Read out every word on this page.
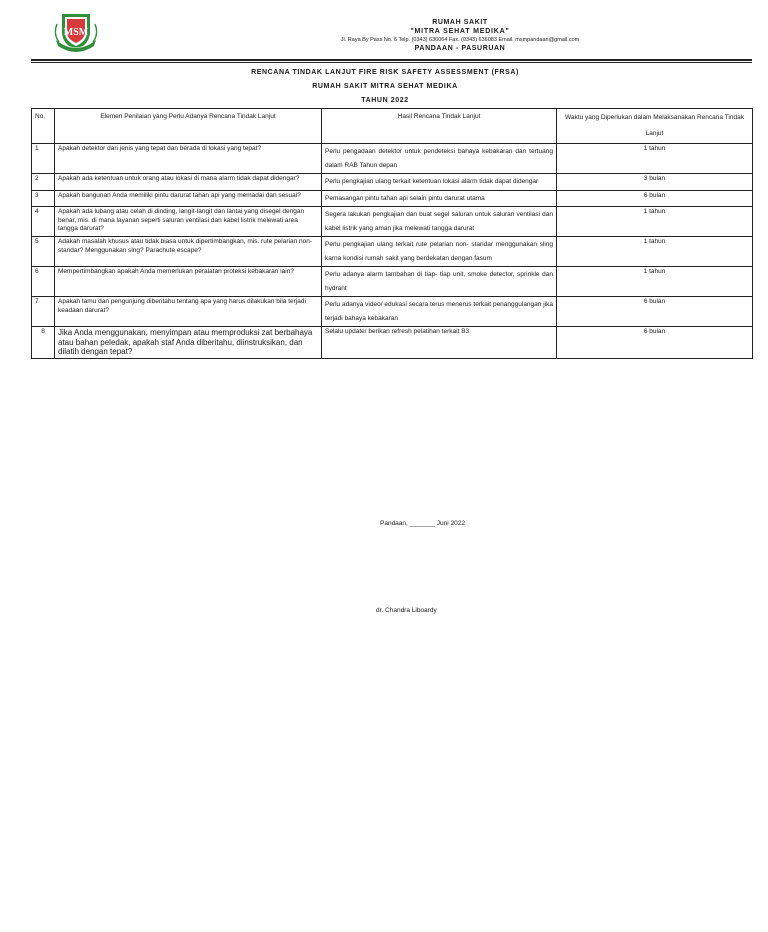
MSM
RUMAH SAKIT
"MITRA SEHAT MEDIKA"
Jl. Raya By Pass No. 6 Telp. (0343) 636064 Fax. (0343) 636083 Email. msmpandaan@gmail.com
PANDAAN - PASURUAN
RENCANA TINDAK LANJUT FIRE RISK SAFETY ASSESSMENT (FRSA)
RUMAH SAKIT MITRA SEHAT MEDIKA
TAHUN 2022
No.	Elemen Penilaian yang Perlu Adanya Rencana Tindak Lanjut	Hasil Rencana Tindak Lanjut	Waktu yang Diperlukan dalam Melaksanakan Rencana Tindak Lanjut
1	Apakah detektor dari jenis yang tepat dan berada di lokasi yang tepat?	Perlu pengadaan detektor untuk pendeteksi bahaya kebakaran dan tertuang dalam RAB Tahun depan	1 tahun
2	Apakah ada ketentuan untuk orang atau lokasi di mana alarm tidak dapat didengar?	Perlu pengkajian ulang terkait ketentuan lokasi alarm tidak dapat didengar	3 bulan
3	Apakah bangunan Anda memiliki pintu darurat tahan api yang memadai dan sesuai?	Pemasangan pintu tahan api selain pintu darurat utama	6 bulan
4	Apakah ada lubang atau celah di dinding, langit-langit dan lantai yang disegel dengan benar, mis. di mana layanan seperti saluran ventilasi dan kabel listrik melewati area tangga darurat?	Segera lakukan pengkajian dan buat segel saluran untuk saluran ventilasi dan kabel listrik yang aman jika melewati tangga darurat	1 tahun
5	Adakah masalah khusus atau tidak biasa untuk dipertimbangkan, mis. rute pelarian non-standar? Menggunakan slng? Parachute escape?	Perlu pengkajian ulang terkait rute pelarian non- standar menggunakan sling karna kondisi rumah sakit yang berdekatan dengan fasum	1 tahun
6	Mempertimbangkan apakah Anda memerlukan peralatan proteksi kebakaran lain?	Perlu adanya alarm tambahan di tiap- tiap unit, smoke detector, sprinkle dan hydrant	1 tahun
7	Apakah tamu dan pengunjung diberitahu tentang apa yang harus dilakukan bila terjadi keadaan darurat?	Perlu adanya video/ edukasi secara terus menerus terkait penanggulangan jika terjadi bahaya kebakaran	6 bulan
8	Jika Anda menggunakan, menyimpan atau memproduksi zat berbahaya atau bahan peledak, apakah staf Anda diberitahu, diinstruksikan, dan dilatih dengan tepat?	Selalu update/ berikan refresh pelatihan terkait B3	6 bulan
Pandaan, _______ Juni 2022
dr. Chandra Liboardy
